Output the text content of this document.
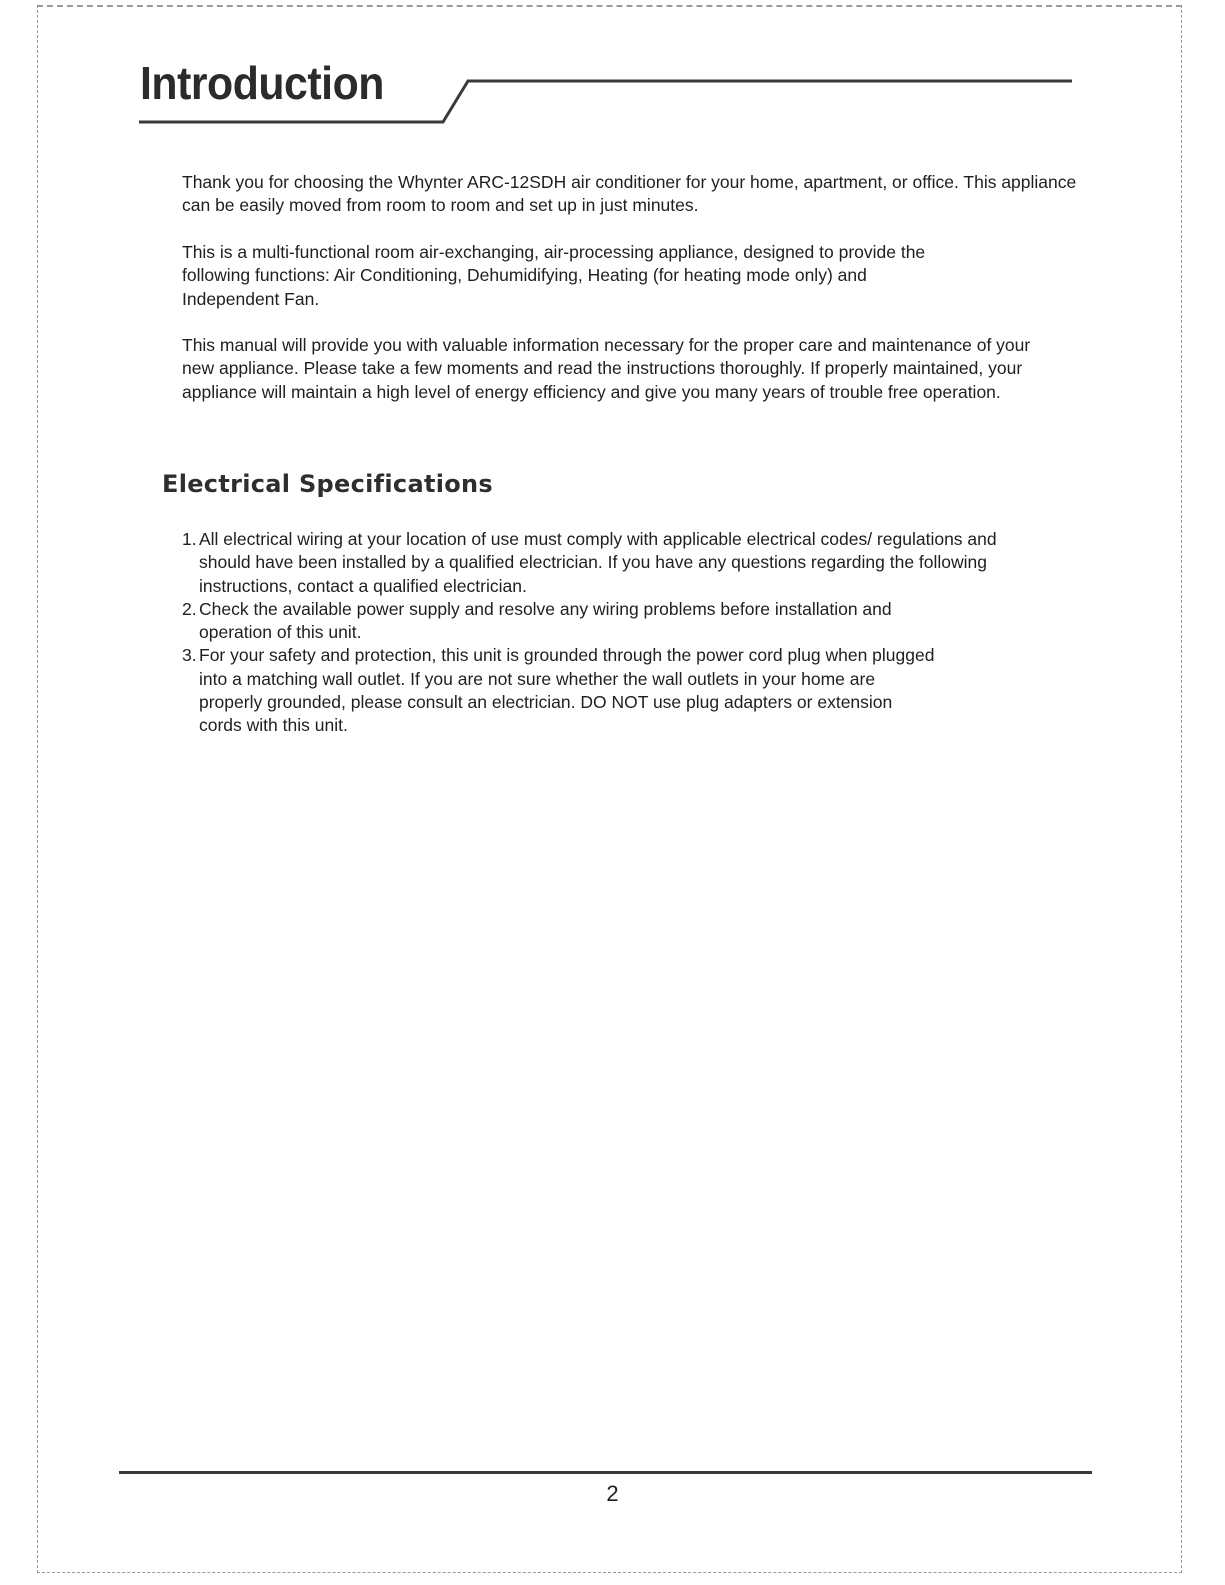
Introduction

Thank you for choosing the Whynter ARC-12SDH air conditioner for your home, apartment, or office. This appliance can be easily moved from room to room and set up in just minutes.

This is a multi-functional room air-exchanging, air-processing appliance, designed to provide the following functions: Air Conditioning, Dehumidifying, Heating (for heating mode only) and Independent Fan.

This manual will provide you with valuable information necessary for the proper care and maintenance of your new appliance. Please take a few moments and read the instructions thoroughly. If properly maintained, your appliance will maintain a high level of energy efficiency and give you many years of trouble free operation.

Electrical Specifications
1. All electrical wiring at your location of use must comply with applicable electrical codes/ regulations and should have been installed by a qualified electrician. If you have any questions regarding the following instructions, contact a qualified electrician.
2. Check the available power supply and resolve any wiring problems before installation and operation of this unit.
3. For your safety and protection, this unit is grounded through the power cord plug when plugged into a matching wall outlet. If you are not sure whether the wall outlets in your home are properly grounded, please consult an electrician. DO NOT use plug adapters or extension cords with this unit.
2
